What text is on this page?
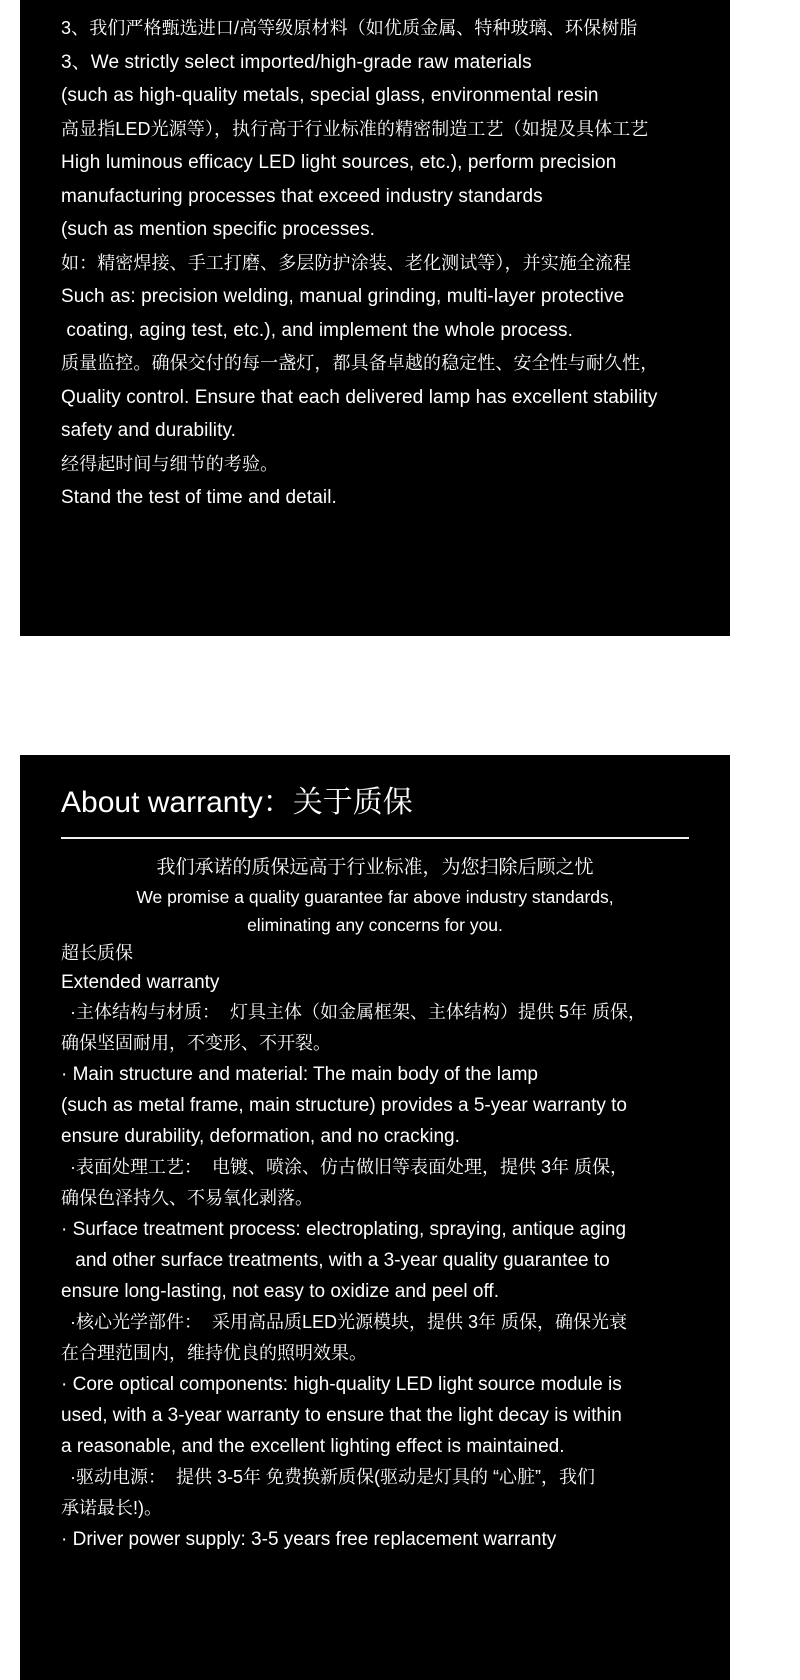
3、我们严格甄选进口/高等级原材料（如优质金属、特种玻璃、环保树脂
3、We strictly select imported/high-grade raw materials
(such as high-quality metals, special glass, environmental resin
高显指LED光源等），执行高于行业标准的精密制造工艺（如提及具体工艺
High luminous efficacy LED light sources, etc.), perform precision
manufacturing processes that exceed industry standards
(such as mention specific processes.
如：精密焊接、手工打磨、多层防护涂装、老化测试等），并实施全流程
Such as: precision welding, manual grinding, multi-layer protective
coating, aging test, etc.), and implement the whole process.
质量监控。确保交付的每一盏灯，都具备卓越的稳定性、安全性与耐久性，
Quality control. Ensure that each delivered lamp has excellent stability
safety and durability.
经得起时间与细节的考验。
Stand the test of time and detail.
About warranty：关于质保
我们承诺的质保远高于行业标准，为您扫除后顾之忧
We promise a quality guarantee far above industry standards,
eliminating any concerns for you.
超长质保
Extended warranty
·主体结构与材质：  灯具主体（如金属框架、主体结构）提供 5年 质保，
确保坚固耐用，不变形、不开裂。
· Main structure and material: The main body of the lamp
(such as metal frame, main structure) provides a 5-year warranty to
ensure durability, deformation, and no cracking.
·表面处理工艺：  电镀、喷涂、仿古做旧等表面处理，提供 3年 质保，
确保色泽持久、不易氧化剥落。
· Surface treatment process: electroplating, spraying, antique aging
and other surface treatments, with a 3-year quality guarantee to
ensure long-lasting, not easy to oxidize and peel off.
·核心光学部件：  采用高品质LED光源模块，提供 3年 质保，确保光衰
在合理范围内，维持优良的照明效果。
· Core optical components: high-quality LED light source module is
used, with a 3-year warranty to ensure that the light decay is within
a reasonable, and the excellent lighting effect is maintained.
·驱动电源：  提供 3-5年 免费换新质保(驱动是灯具的 “心脏”，我们
承诺最长!)。
· Driver power supply: 3-5 years free replacement warranty
